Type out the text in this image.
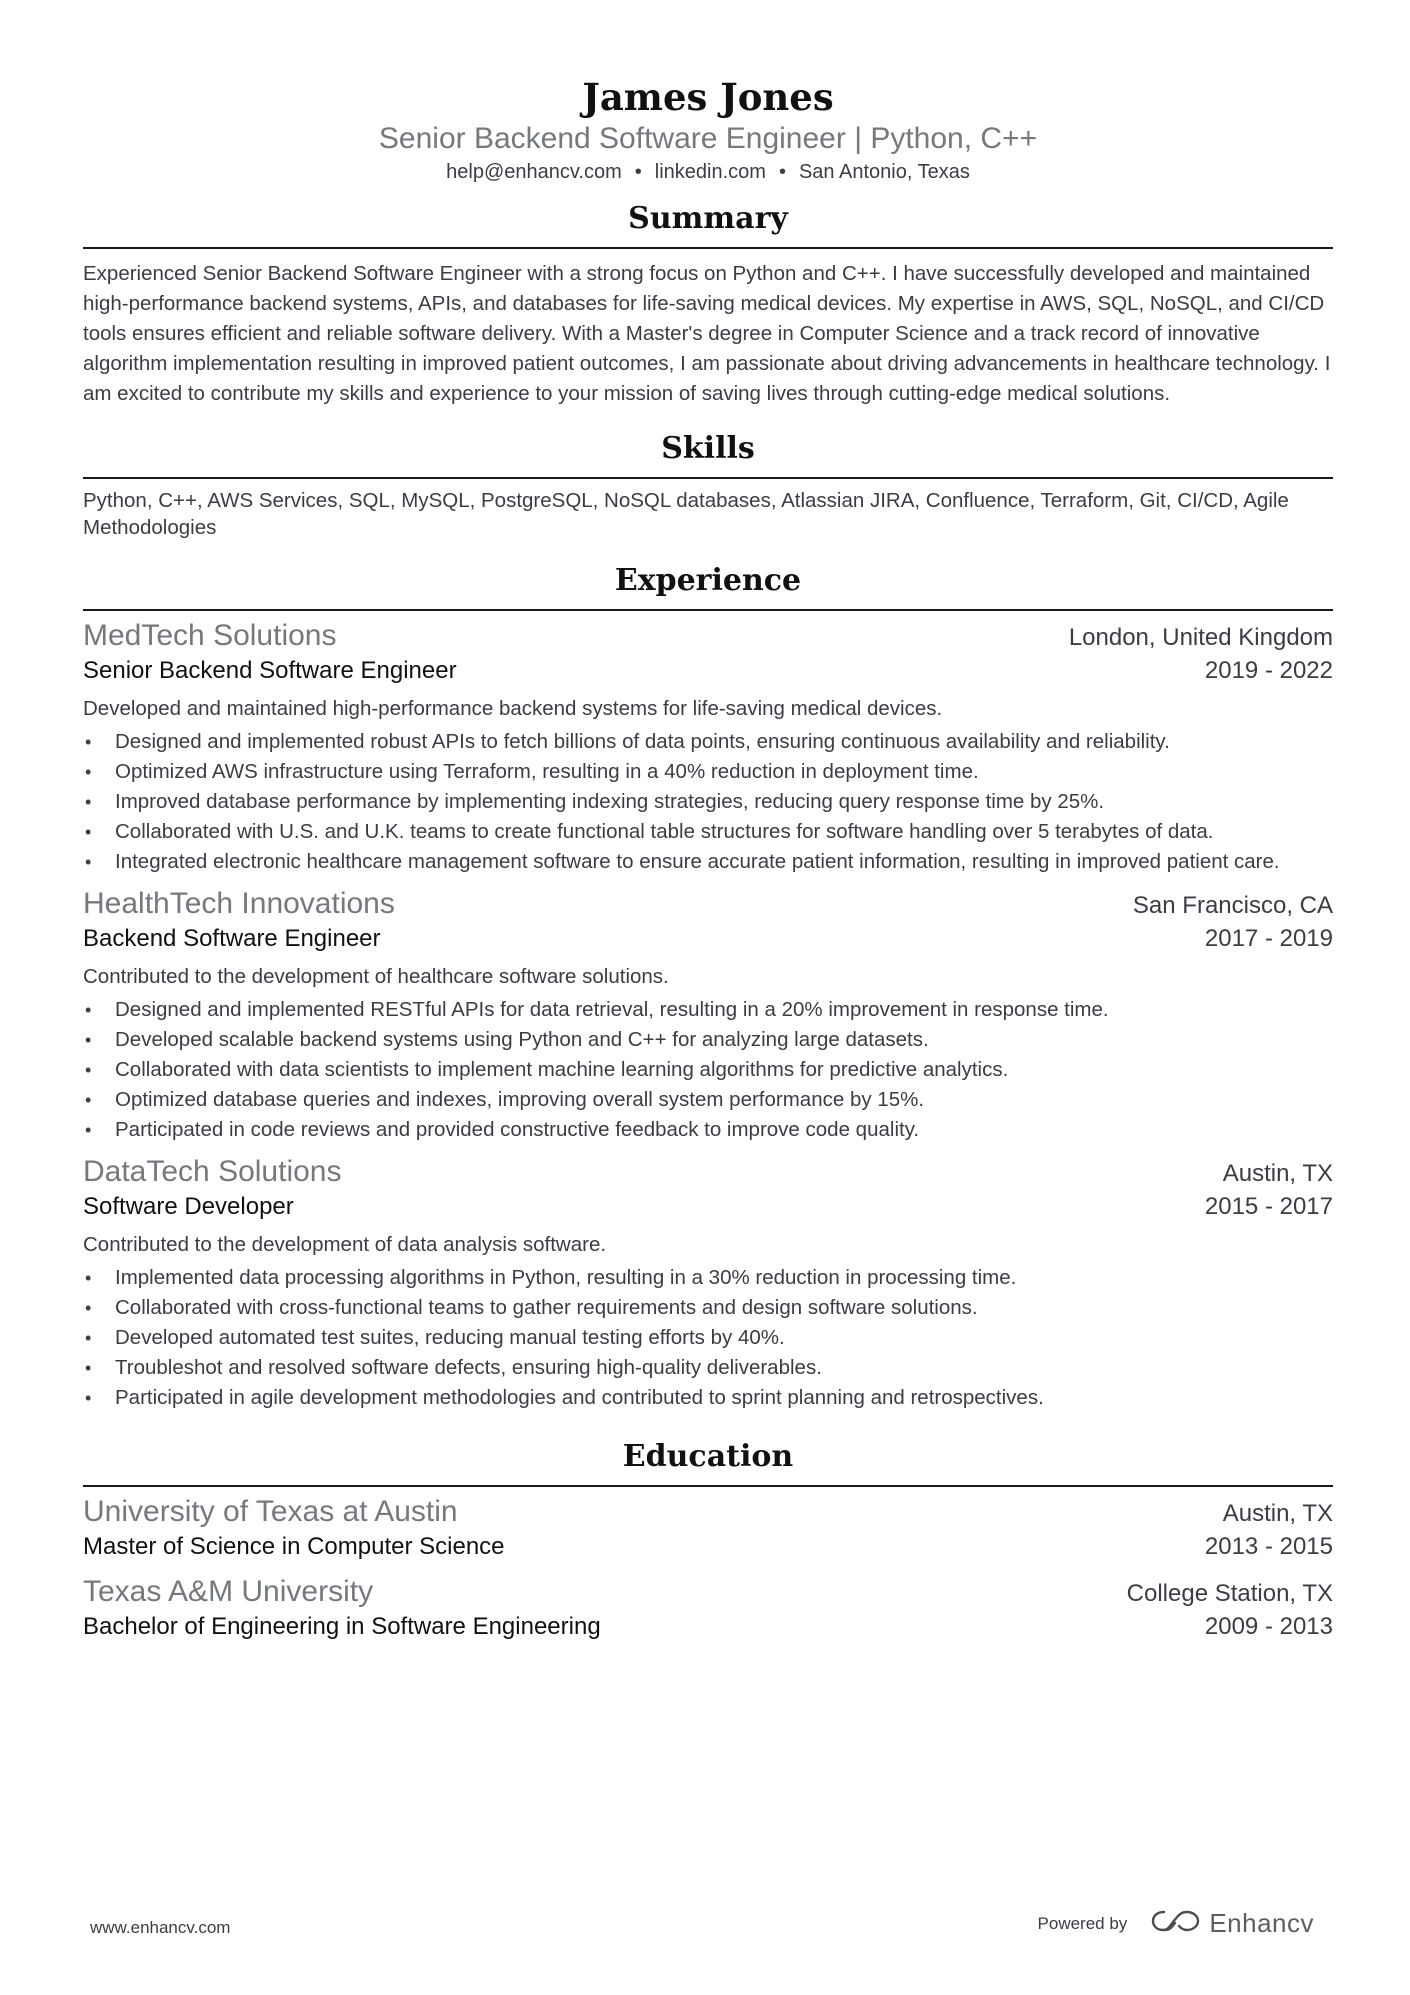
James Jones
Senior Backend Software Engineer | Python, C++
help@enhancv.com • linkedin.com • San Antonio, Texas
Summary
Experienced Senior Backend Software Engineer with a strong focus on Python and C++. I have successfully developed and maintained high-performance backend systems, APIs, and databases for life-saving medical devices. My expertise in AWS, SQL, NoSQL, and CI/CD tools ensures efficient and reliable software delivery. With a Master's degree in Computer Science and a track record of innovative algorithm implementation resulting in improved patient outcomes, I am passionate about driving advancements in healthcare technology. I am excited to contribute my skills and experience to your mission of saving lives through cutting-edge medical solutions.
Skills
Python, C++, AWS Services, SQL, MySQL, PostgreSQL, NoSQL databases, Atlassian JIRA, Confluence, Terraform, Git, CI/CD, Agile Methodologies
Experience
MedTech Solutions	London, United Kingdom
Senior Backend Software Engineer	2019 - 2022
Developed and maintained high-performance backend systems for life-saving medical devices.
• Designed and implemented robust APIs to fetch billions of data points, ensuring continuous availability and reliability.
• Optimized AWS infrastructure using Terraform, resulting in a 40% reduction in deployment time.
• Improved database performance by implementing indexing strategies, reducing query response time by 25%.
• Collaborated with U.S. and U.K. teams to create functional table structures for software handling over 5 terabytes of data.
• Integrated electronic healthcare management software to ensure accurate patient information, resulting in improved patient care.
HealthTech Innovations	San Francisco, CA
Backend Software Engineer	2017 - 2019
Contributed to the development of healthcare software solutions.
• Designed and implemented RESTful APIs for data retrieval, resulting in a 20% improvement in response time.
• Developed scalable backend systems using Python and C++ for analyzing large datasets.
• Collaborated with data scientists to implement machine learning algorithms for predictive analytics.
• Optimized database queries and indexes, improving overall system performance by 15%.
• Participated in code reviews and provided constructive feedback to improve code quality.
DataTech Solutions	Austin, TX
Software Developer	2015 - 2017
Contributed to the development of data analysis software.
• Implemented data processing algorithms in Python, resulting in a 30% reduction in processing time.
• Collaborated with cross-functional teams to gather requirements and design software solutions.
• Developed automated test suites, reducing manual testing efforts by 40%.
• Troubleshot and resolved software defects, ensuring high-quality deliverables.
• Participated in agile development methodologies and contributed to sprint planning and retrospectives.
Education
University of Texas at Austin	Austin, TX
Master of Science in Computer Science	2013 - 2015
Texas A&M University	College Station, TX
Bachelor of Engineering in Software Engineering	2009 - 2013
www.enhancv.com	Powered by	Enhancv
